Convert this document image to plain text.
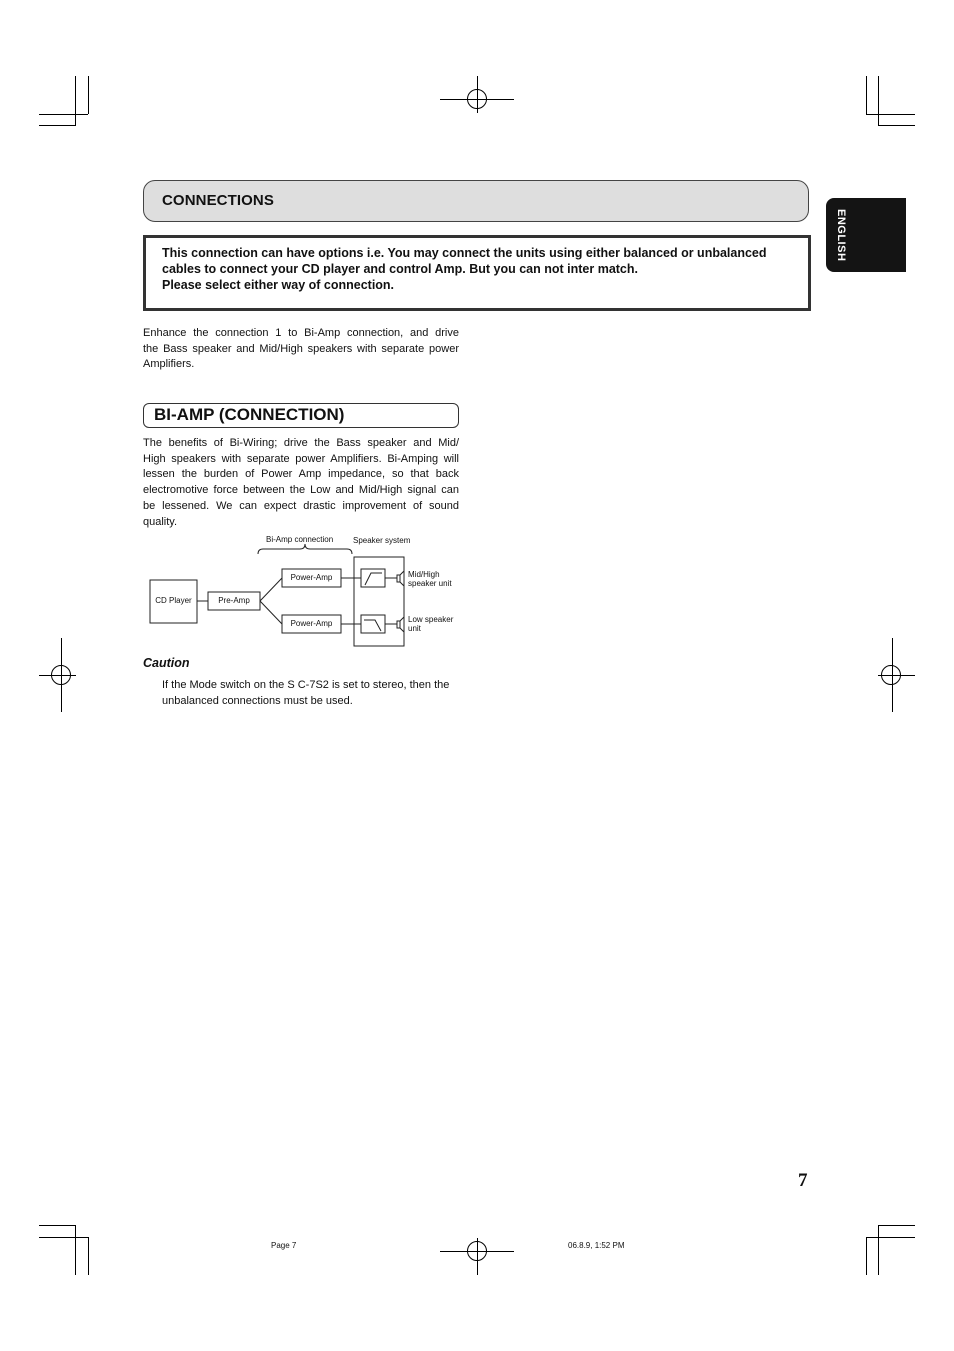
CONNECTIONS
ENGLISH
This connection can have options i.e. You may connect the units using either balanced or unbalanced
cables to connect your CD player and control Amp. But you can not inter match.
Please select either way of connection.
Enhance the connection 1 to Bi-Amp connection, and drive
the Bass speaker and Mid/High speakers with separate power
Amplifiers.
BI-AMP (CONNECTION)
The benefits of Bi-Wiring; drive the Bass speaker and Mid/
High speakers with separate power Amplifiers. Bi-Amping will
lessen the burden of Power Amp impedance, so that back
electromotive force between the Low and Mid/High signal can
be lessened. We can expect drastic improvement of sound
quality.
Bi-Amp connection Speaker system
CD Player	Pre-Amp
Power-Amp
Power-Amp
Mid/High
speaker unit
Low speaker
unit
Caution
If the Mode switch on the S C-7S2 is set to stereo, then the
unbalanced connections must be used.
7
Page 7	06.8.9, 1:52 PM
